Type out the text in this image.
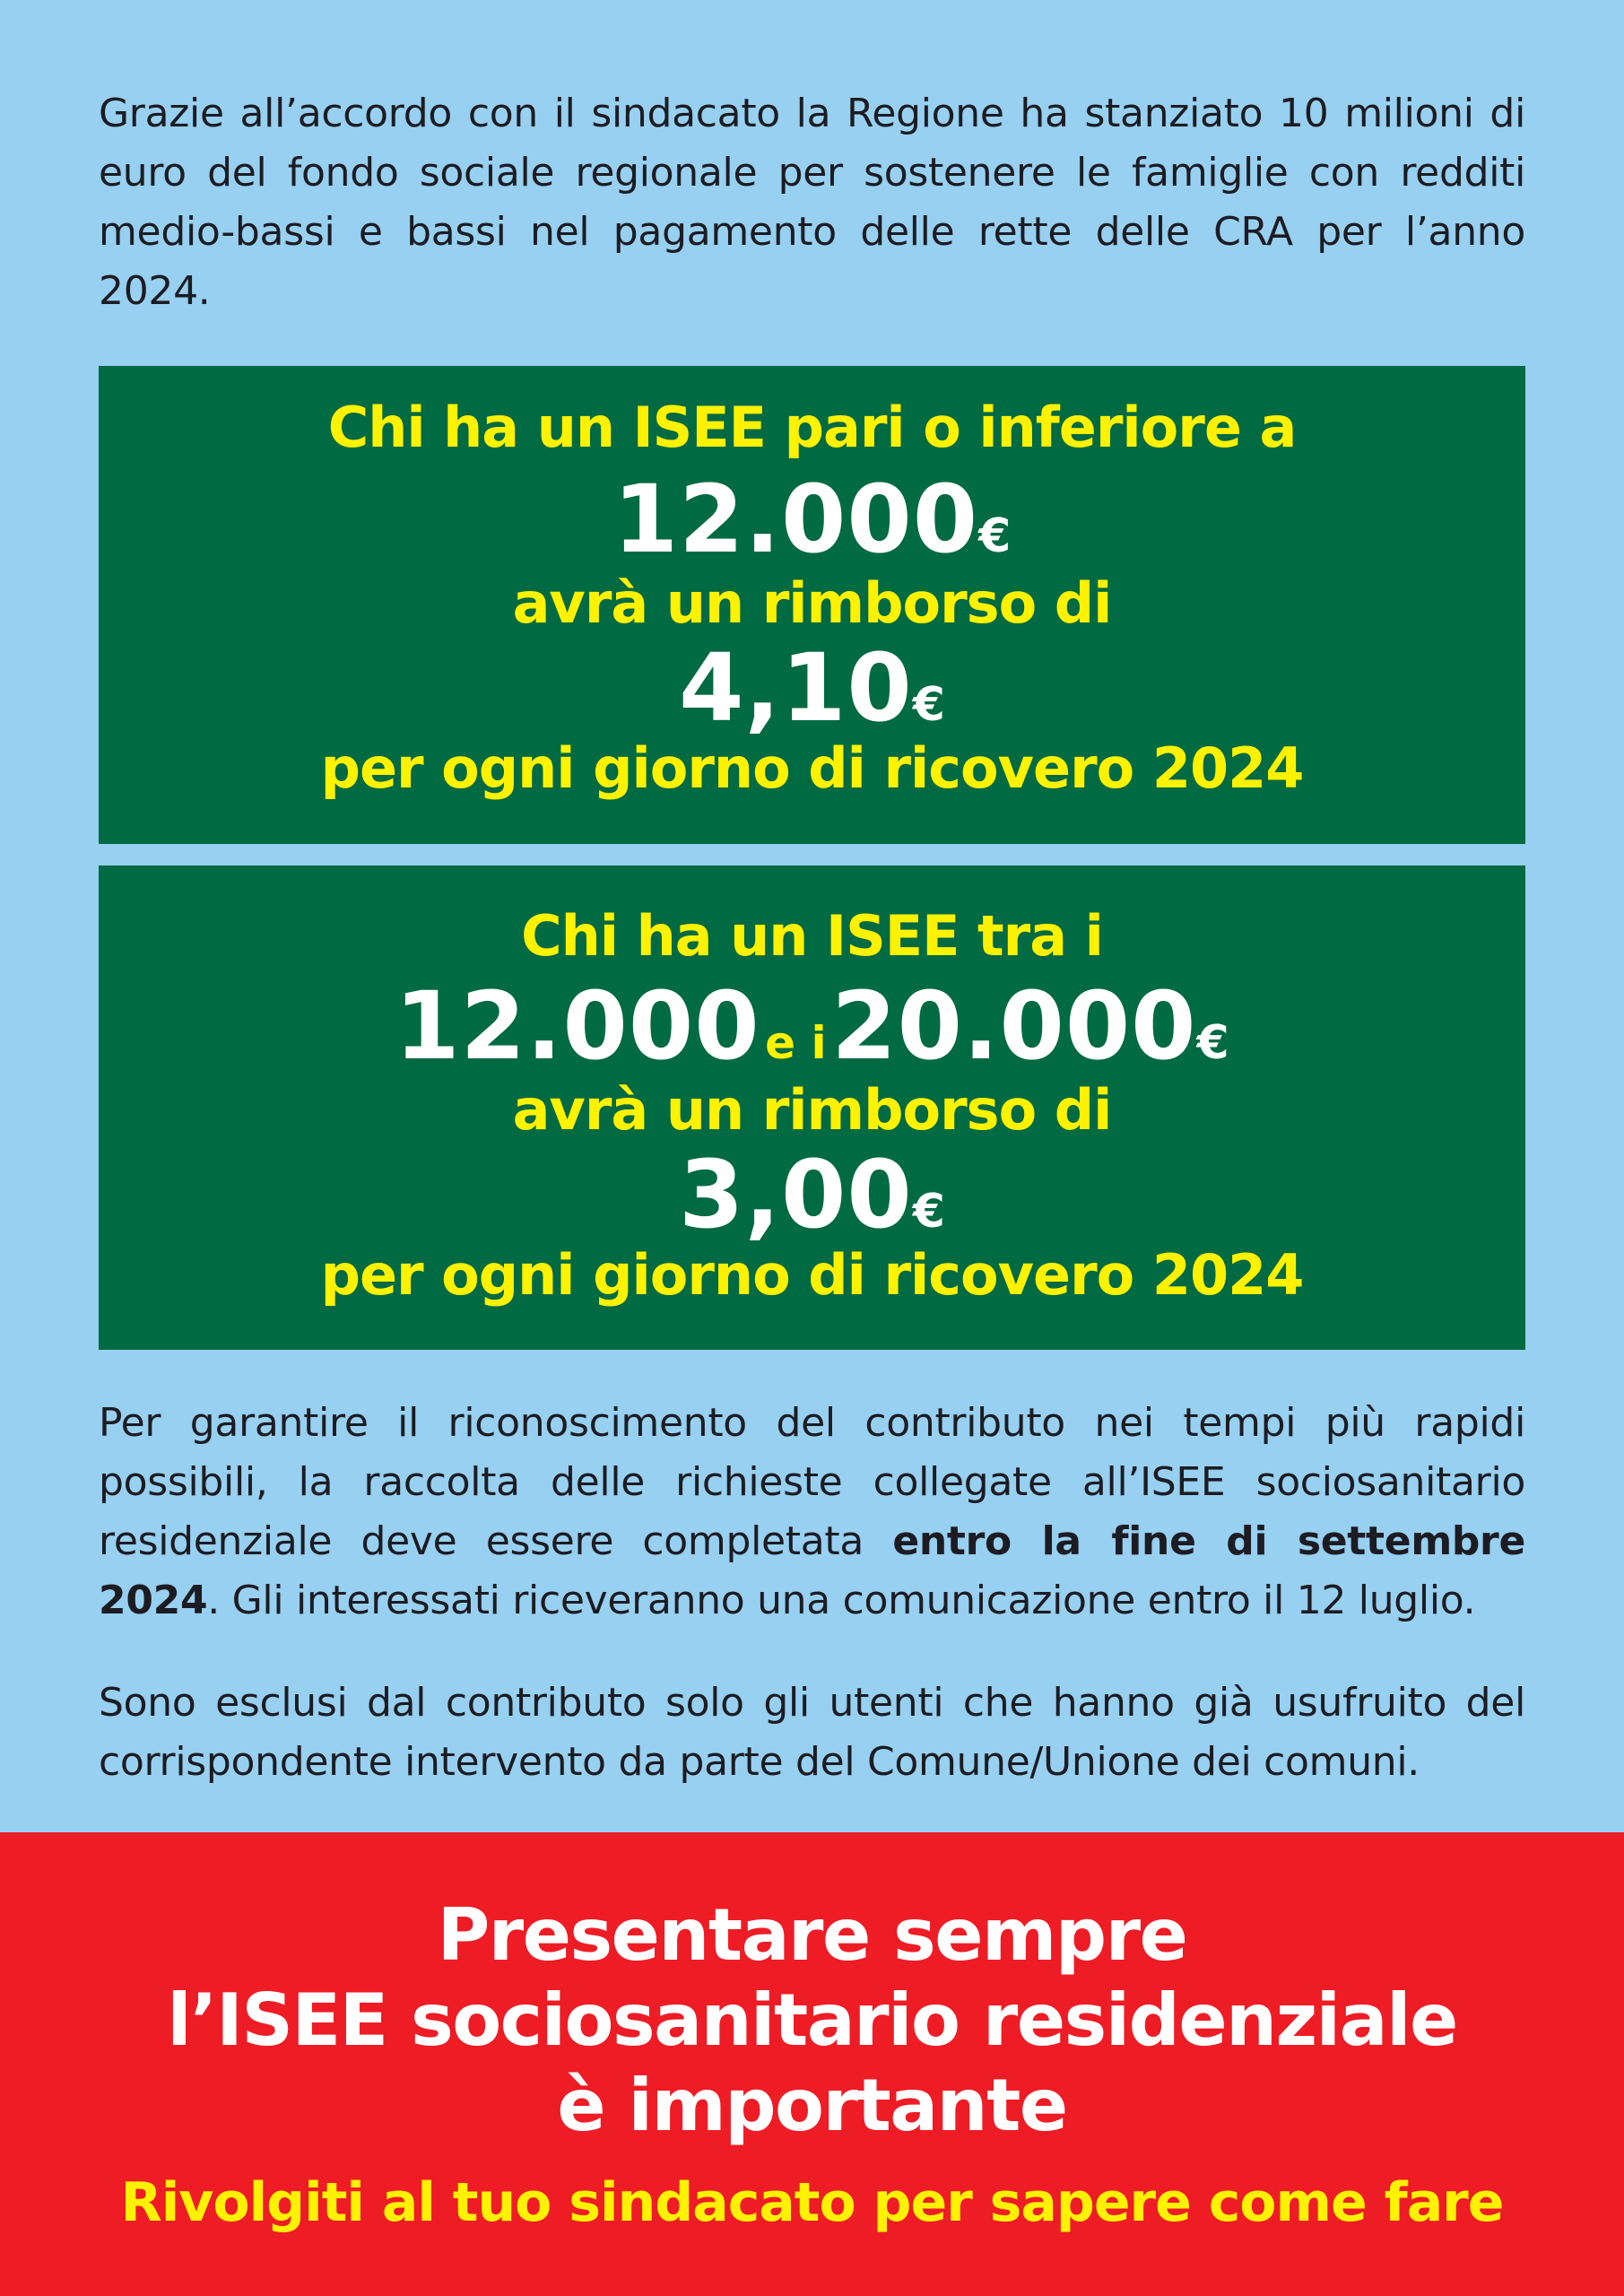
Grazie all’accordo con il sindacato la Regione ha stanziato 10 milioni di euro del fondo sociale regionale per sostenere le famiglie con redditi medio-bassi e bassi nel pagamento delle rette delle CRA per l’anno 2024.

Chi ha un ISEE pari o inferiore a
12.000€
avrà un rimborso di
4,10€
per ogni giorno di ricovero 2024
Chi ha un ISEE tra i
12.000 e i 20.000€
avrà un rimborso di
3,00€
per ogni giorno di ricovero 2024

Per garantire il riconoscimento del contributo nei tempi più rapidi possibili, la raccolta delle richieste collegate all’ISEE sociosanitario residenziale deve essere completata entro la fine di settembre 2024. Gli interessati riceveranno una comunicazione entro il 12 luglio.

Sono esclusi dal contributo solo gli utenti che hanno già usufruito del corrispondente intervento da parte del Comune/Unione dei comuni.

Presentare sempre
l’ISEE sociosanitario residenziale
è importante
Rivolgiti al tuo sindacato per sapere come fare
